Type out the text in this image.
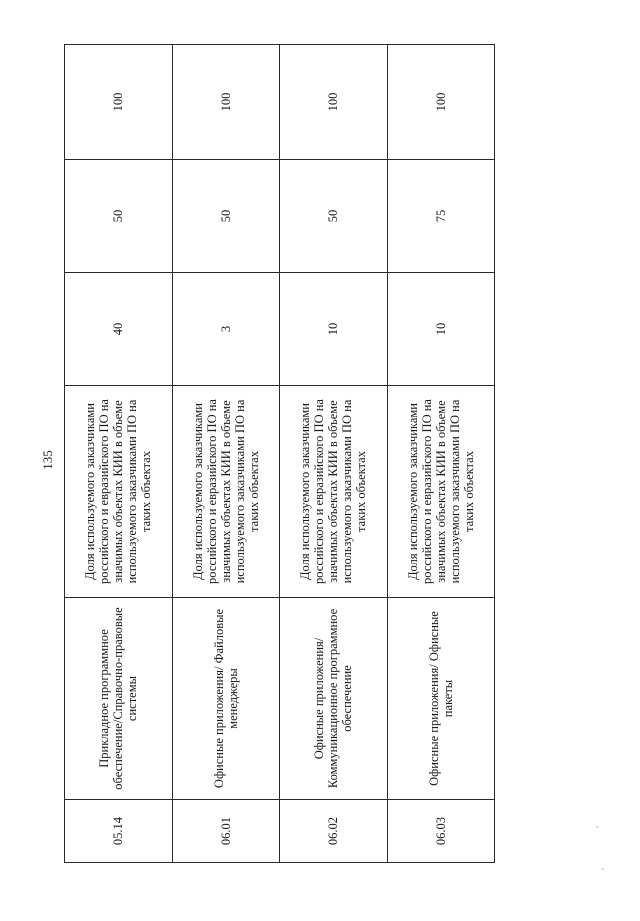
135
05.14	Прикладное программное обеспечение/Справочно-правовые системы	Доля используемого заказчиками российского и евразийского ПО на значимых объектах КИИ в объеме используемого заказчиками ПО на таких объектах	40	50	100
06.01	Офисные приложения/ Файловые менеджеры	Доля используемого заказчиками российского и евразийского ПО на значимых объектах КИИ в объеме используемого заказчиками ПО на таких объектах	3	50	100
06.02	Офисные приложения/ Коммуникационное программное обеспечение	Доля используемого заказчиками российского и евразийского ПО на значимых объектах КИИ в объеме используемого заказчиками ПО на таких объектах	10	50	100
06.03	Офисные приложения/ Офисные пакеты	Доля используемого заказчиками российского и евразийского ПО на значимых объектах КИИ в объеме используемого заказчиками ПО на таких объектах	10	75	100
